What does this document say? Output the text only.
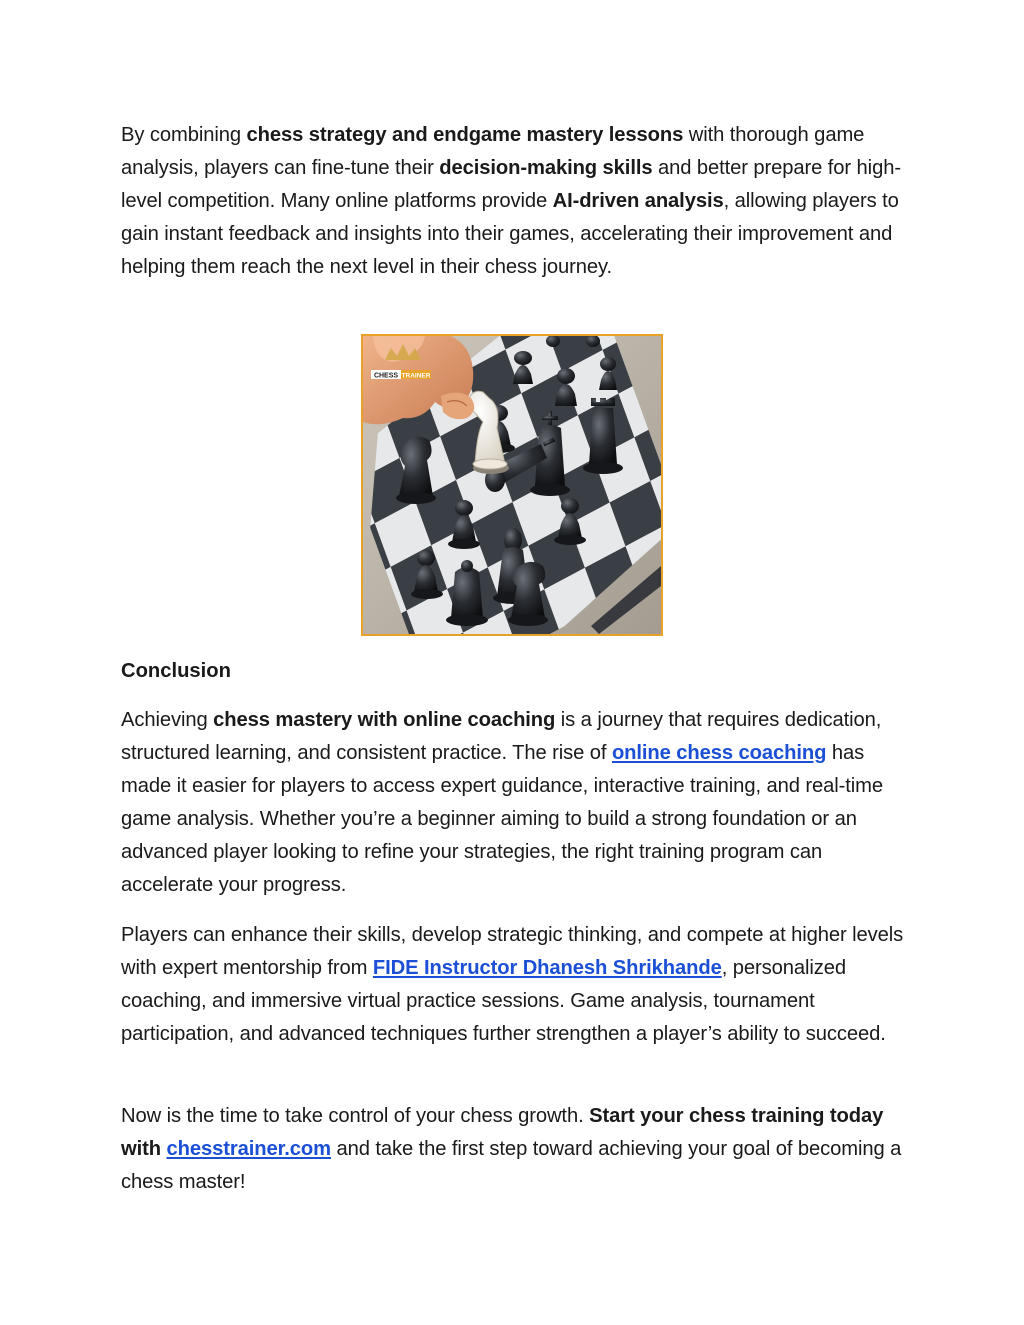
By combining chess strategy and endgame mastery lessons with thorough game analysis, players can fine-tune their decision-making skills and better prepare for high-level competition. Many online platforms provide AI-driven analysis, allowing players to gain instant feedback and insights into their games, accelerating their improvement and helping them reach the next level in their chess journey.

CHESS TRAINER

Conclusion

Achieving chess mastery with online coaching is a journey that requires dedication, structured learning, and consistent practice. The rise of online chess coaching has made it easier for players to access expert guidance, interactive training, and real-time game analysis. Whether you’re a beginner aiming to build a strong foundation or an advanced player looking to refine your strategies, the right training program can accelerate your progress.

Players can enhance their skills, develop strategic thinking, and compete at higher levels with expert mentorship from FIDE Instructor Dhanesh Shrikhande, personalized coaching, and immersive virtual practice sessions. Game analysis, tournament participation, and advanced techniques further strengthen a player’s ability to succeed.

Now is the time to take control of your chess growth. Start your chess training today with chesstrainer.com and take the first step toward achieving your goal of becoming a chess master!
